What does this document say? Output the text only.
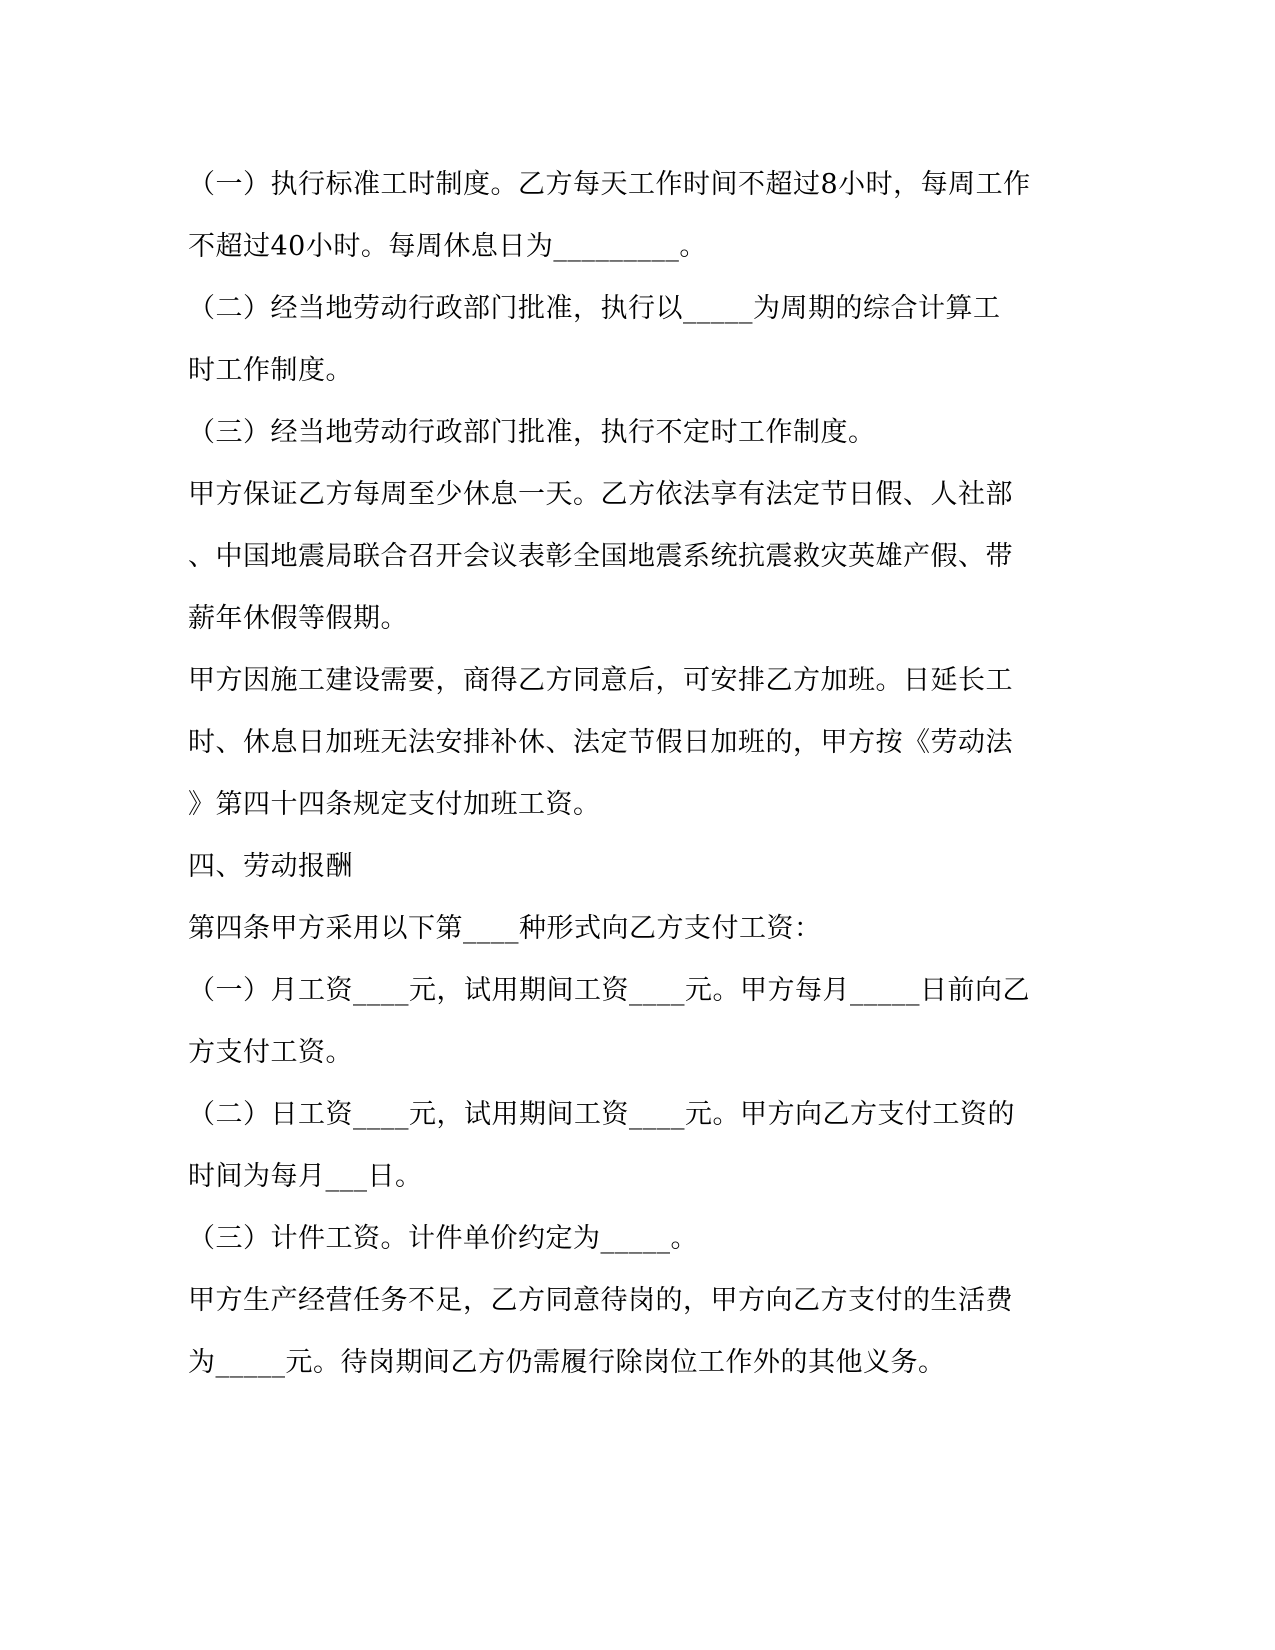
（一）执行标准工时制度。乙方每天工作时间不超过8小时，每周工作
不超过40小时。每周休息日为_________。
（二）经当地劳动行政部门批准，执行以_____为周期的综合计算工
时工作制度。
（三）经当地劳动行政部门批准，执行不定时工作制度。
甲方保证乙方每周至少休息一天。乙方依法享有法定节日假、人社部
、中国地震局联合召开会议表彰全国地震系统抗震救灾英雄产假、带
薪年休假等假期。
甲方因施工建设需要，商得乙方同意后，可安排乙方加班。日延长工
时、休息日加班无法安排补休、法定节假日加班的，甲方按《劳动法
》第四十四条规定支付加班工资。
四、劳动报酬
第四条甲方采用以下第____种形式向乙方支付工资：
（一）月工资____元，试用期间工资____元。甲方每月_____日前向乙
方支付工资。
（二）日工资____元，试用期间工资____元。甲方向乙方支付工资的
时间为每月___日。
（三）计件工资。计件单价约定为_____。
甲方生产经营任务不足，乙方同意待岗的，甲方向乙方支付的生活费
为_____元。待岗期间乙方仍需履行除岗位工作外的其他义务。
